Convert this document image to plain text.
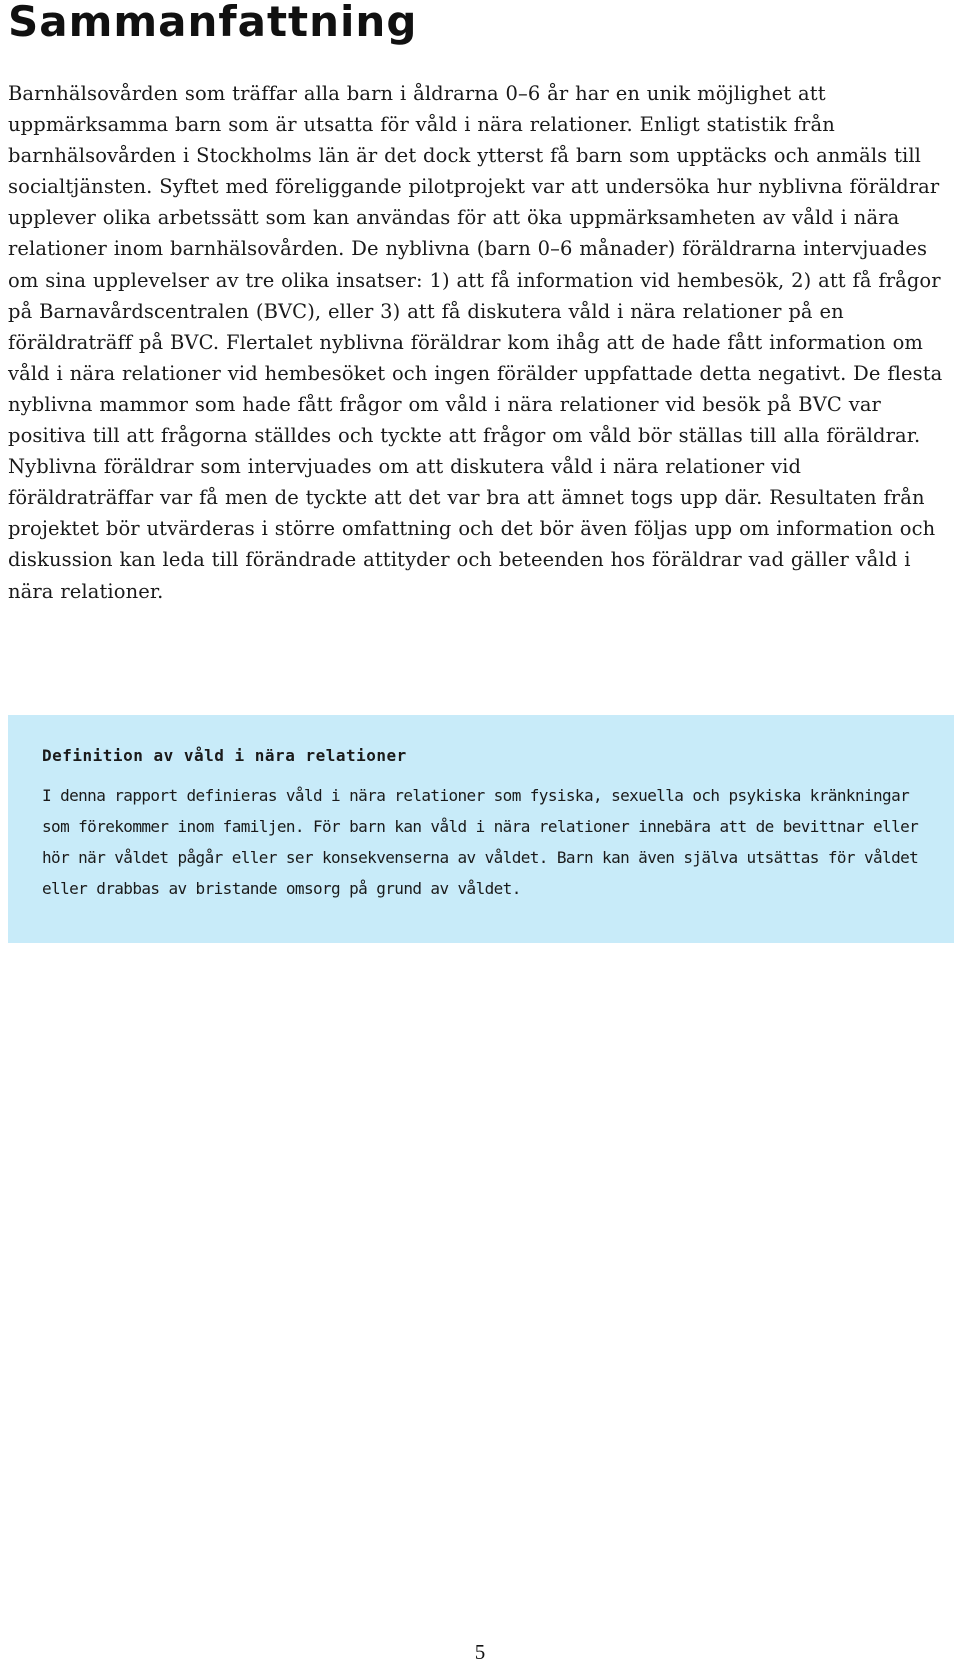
Sammanfattning

Barnhälsovården som träffar alla barn i åldrarna 0–6 år har en unik möjlighet att uppmärksamma barn som är utsatta för våld i nära relationer. Enligt statistik från barnhälsovården i Stockholms län är det dock ytterst få barn som upptäcks och anmäls till socialtjänsten. Syftet med föreliggande pilotprojekt var att undersöka hur nyblivna föräldrar upplever olika arbetssätt som kan användas för att öka uppmärksamheten av våld i nära relationer inom barnhälsovården. De nyblivna (barn 0–6 månader) föräldrarna intervjuades om sina upplevelser av tre olika insatser: 1) att få information vid hembesök, 2) att få frågor på Barnavårdscentralen (BVC), eller 3) att få diskutera våld i nära relationer på en föräldraträff på BVC. Flertalet nyblivna föräldrar kom ihåg att de hade fått information om våld i nära relationer vid hembesöket och ingen förälder uppfattade detta negativt. De flesta nyblivna mammor som hade fått frågor om våld i nära relationer vid besök på BVC var positiva till att frågorna ställdes och tyckte att frågor om våld bör ställas till alla föräldrar. Nyblivna föräldrar som intervjuades om att diskutera våld i nära relationer vid föräldraträffar var få men de tyckte att det var bra att ämnet togs upp där. Resultaten från projektet bör utvärderas i större omfattning och det bör även följas upp om information och diskussion kan leda till förändrade attityder och beteenden hos föräldrar vad gäller våld i nära relationer.

Definition av våld i nära relationer

I denna rapport definieras våld i nära relationer som fysiska, sexuella och psykiska kränkningar som förekommer inom familjen. För barn kan våld i nära relationer innebära att de bevittnar eller hör när våldet pågår eller ser konsekvenserna av våldet. Barn kan även själva utsättas för våldet eller drabbas av bristande omsorg på grund av våldet.

5
